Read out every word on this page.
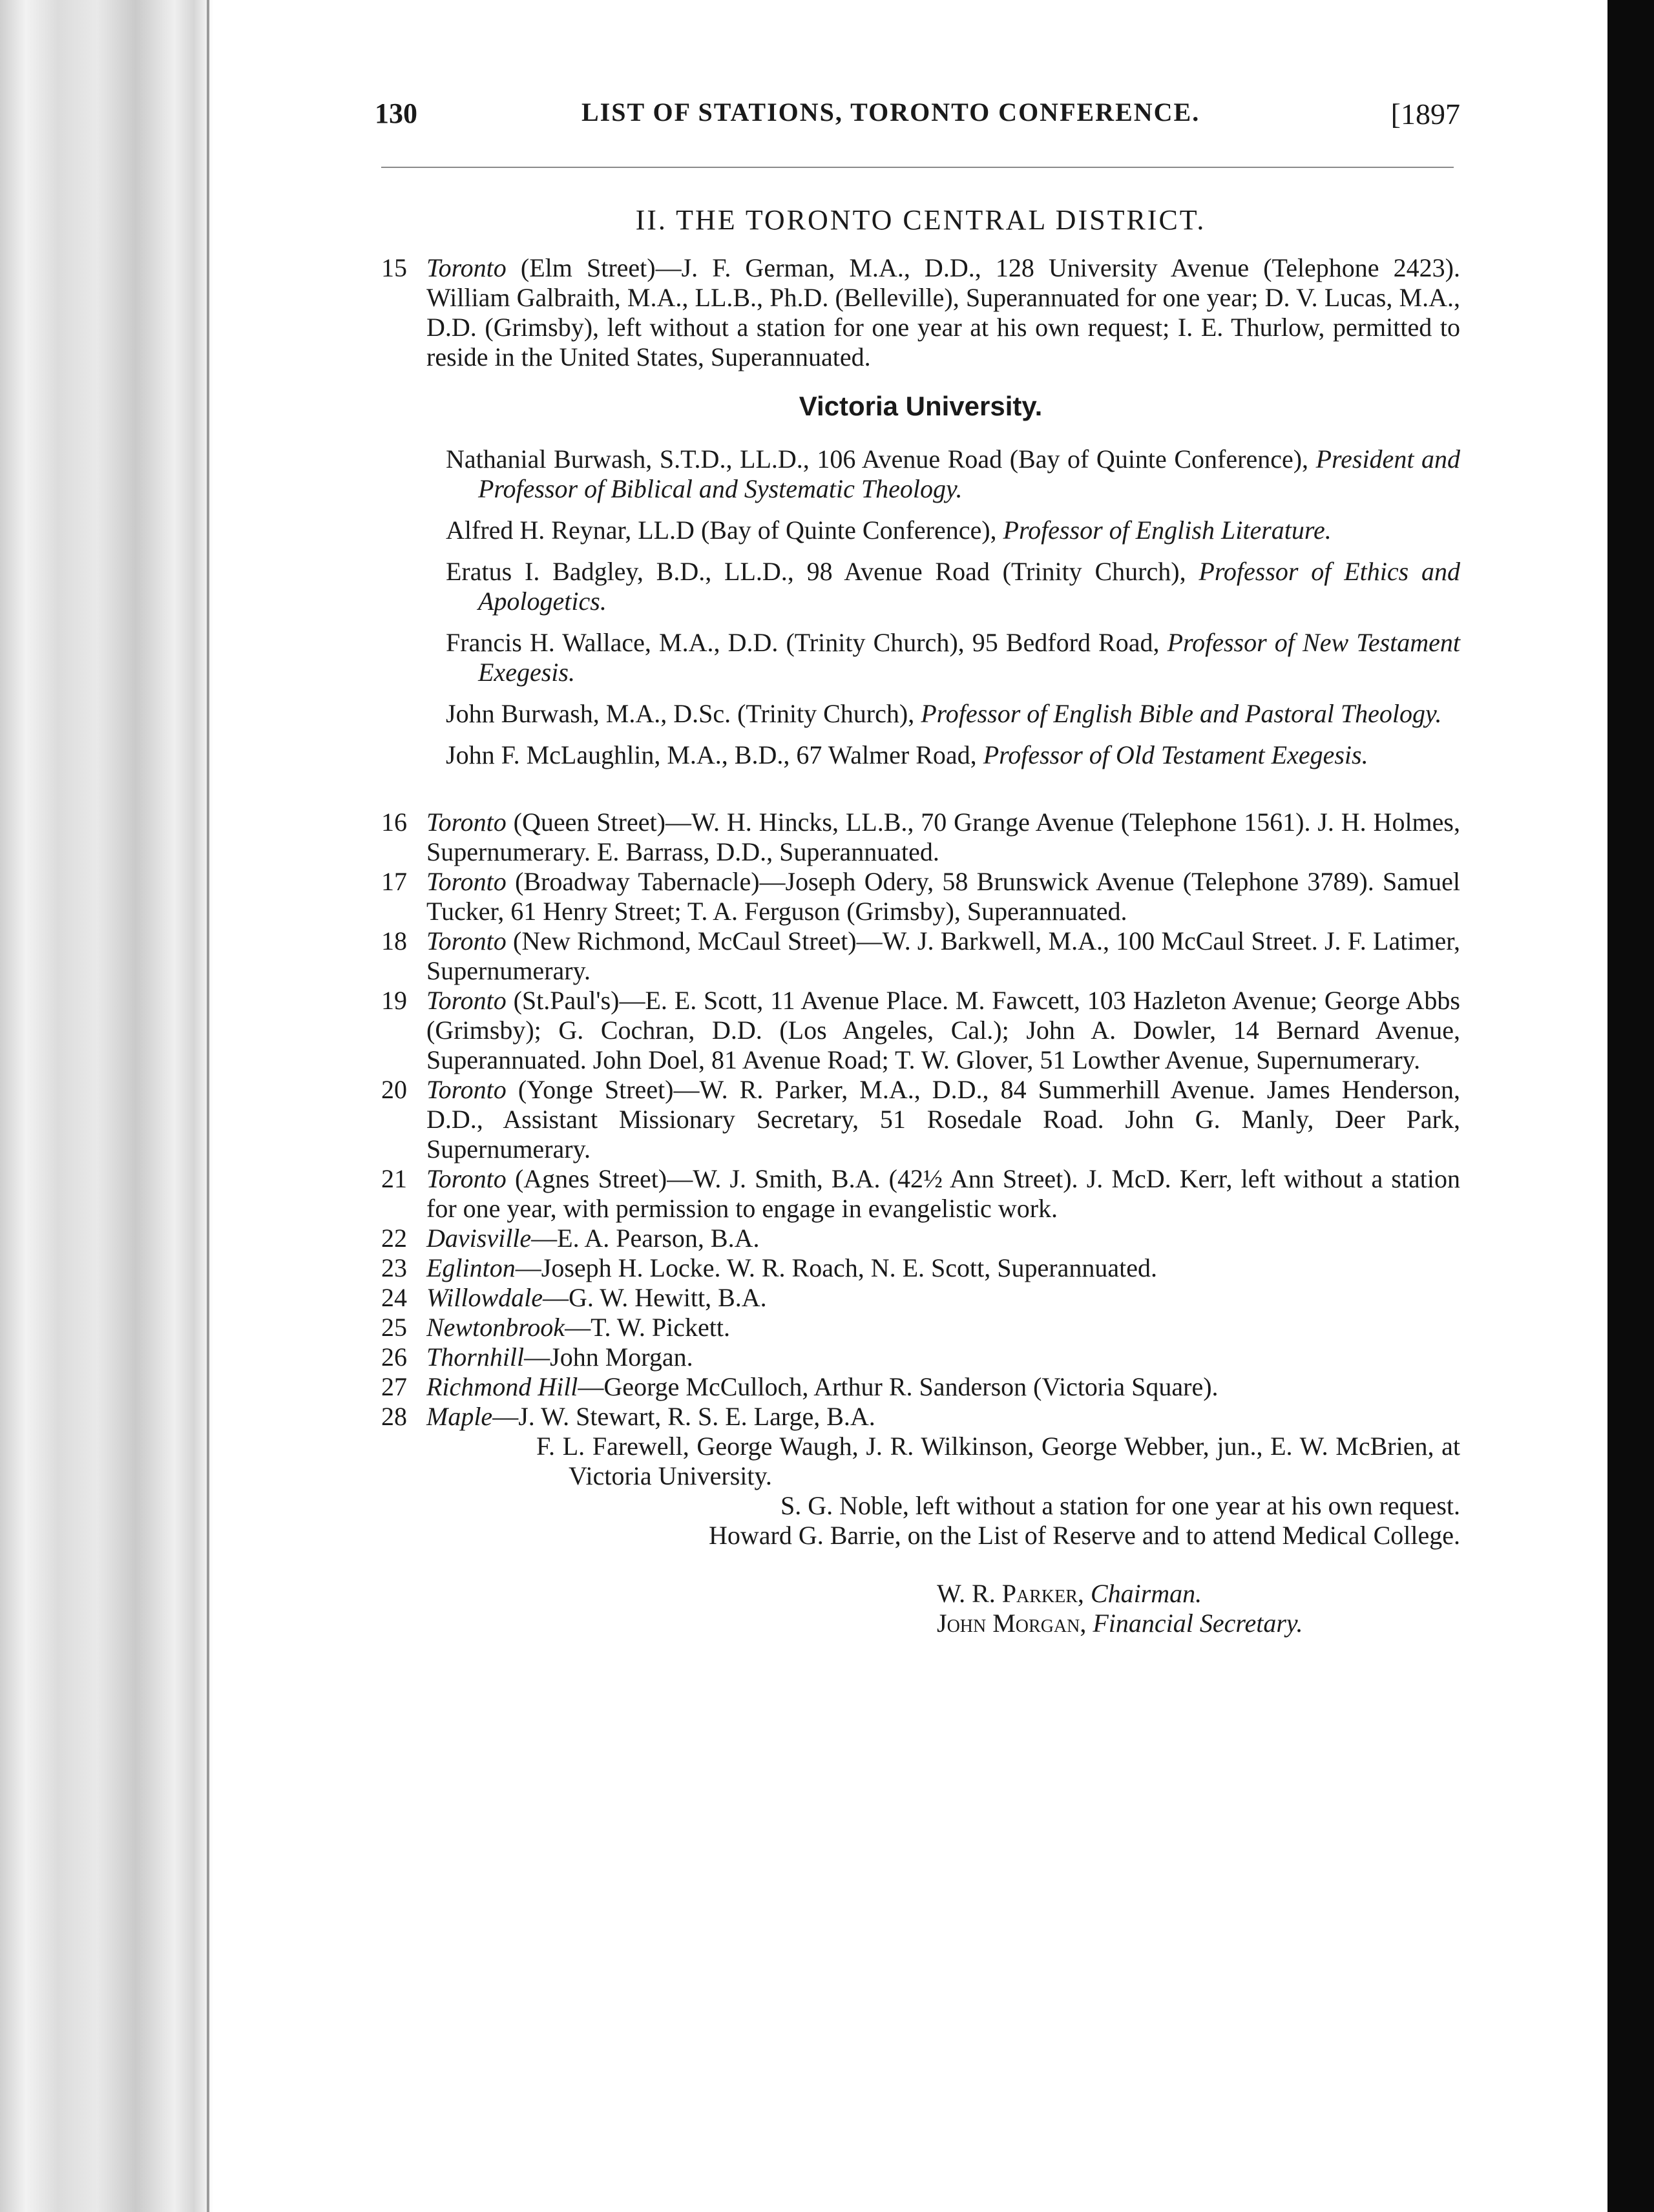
130	LIST OF STATIONS, TORONTO CONFERENCE.	[1897
II. THE TORONTO CENTRAL DISTRICT.
15 Toronto (Elm Street)—J. F. German, M.A., D.D., 128 University Avenue (Telephone 2423). William Galbraith, M.A., LL.B., Ph.D. (Belleville), Superannuated for one year; D. V. Lucas, M.A., D.D. (Grimsby), left without a station for one year at his own request; I. E. Thurlow, permitted to reside in the United States, Superannuated.
Victoria University.
Nathanial Burwash, S.T.D., LL.D., 106 Avenue Road (Bay of Quinte Conference), President and Professor of Biblical and Systematic Theology.
Alfred H. Reynar, LL.D (Bay of Quinte Conference), Professor of English Literature.
Eratus I. Badgley, B.D., LL.D., 98 Avenue Road (Trinity Church), Professor of Ethics and Apologetics.
Francis H. Wallace, M.A., D.D. (Trinity Church), 95 Bedford Road, Professor of New Testament Exegesis.
John Burwash, M.A., D.Sc. (Trinity Church), Professor of English Bible and Pastoral Theology.
John F. McLaughlin, M.A., B.D., 67 Walmer Road, Professor of Old Testament Exegesis.
16 Toronto (Queen Street)—W. H. Hincks, LL.B., 70 Grange Avenue (Telephone 1561). J. H. Holmes, Supernumerary. E. Barrass, D.D., Superannuated.
17 Toronto (Broadway Tabernacle)—Joseph Odery, 58 Brunswick Avenue (Telephone 3789). Samuel Tucker, 61 Henry Street; T. A. Ferguson (Grimsby), Superannuated.
18 Toronto (New Richmond, McCaul Street)—W. J. Barkwell, M.A., 100 McCaul Street. J. F. Latimer, Supernumerary.
19 Toronto (St.Paul's)—E. E. Scott, 11 Avenue Place. M. Fawcett, 103 Hazleton Avenue; George Abbs (Grimsby); G. Cochran, D.D. (Los Angeles, Cal.); John A. Dowler, 14 Bernard Avenue, Superannuated. John Doel, 81 Avenue Road; T. W. Glover, 51 Lowther Avenue, Supernumerary.
20 Toronto (Yonge Street)—W. R. Parker, M.A., D.D., 84 Summerhill Avenue. James Henderson, D.D., Assistant Missionary Secretary, 51 Rosedale Road. John G. Manly, Deer Park, Supernumerary.
21 Toronto (Agnes Street)—W. J. Smith, B.A. (42½ Ann Street). J. McD. Kerr, left without a station for one year, with permission to engage in evangelistic work.
22 Davisville—E. A. Pearson, B.A.
23 Eglinton—Joseph H. Locke. W. R. Roach, N. E. Scott, Superannuated.
24 Willowdale—G. W. Hewitt, B.A.
25 Newtonbrook—T. W. Pickett.
26 Thornhill—John Morgan.
27 Richmond Hill—George McCulloch, Arthur R. Sanderson (Victoria Square).
28 Maple—J. W. Stewart, R. S. E. Large, B.A.

F. L. Farewell, George Waugh, J. R. Wilkinson, George Webber, jun., E. W. McBrien, at Victoria University.

S. G. Noble, left without a station for one year at his own request.

Howard G. Barrie, on the List of Reserve and to attend Medical College.

W. R. Parker, Chairman.

John Morgan, Financial Secretary.
